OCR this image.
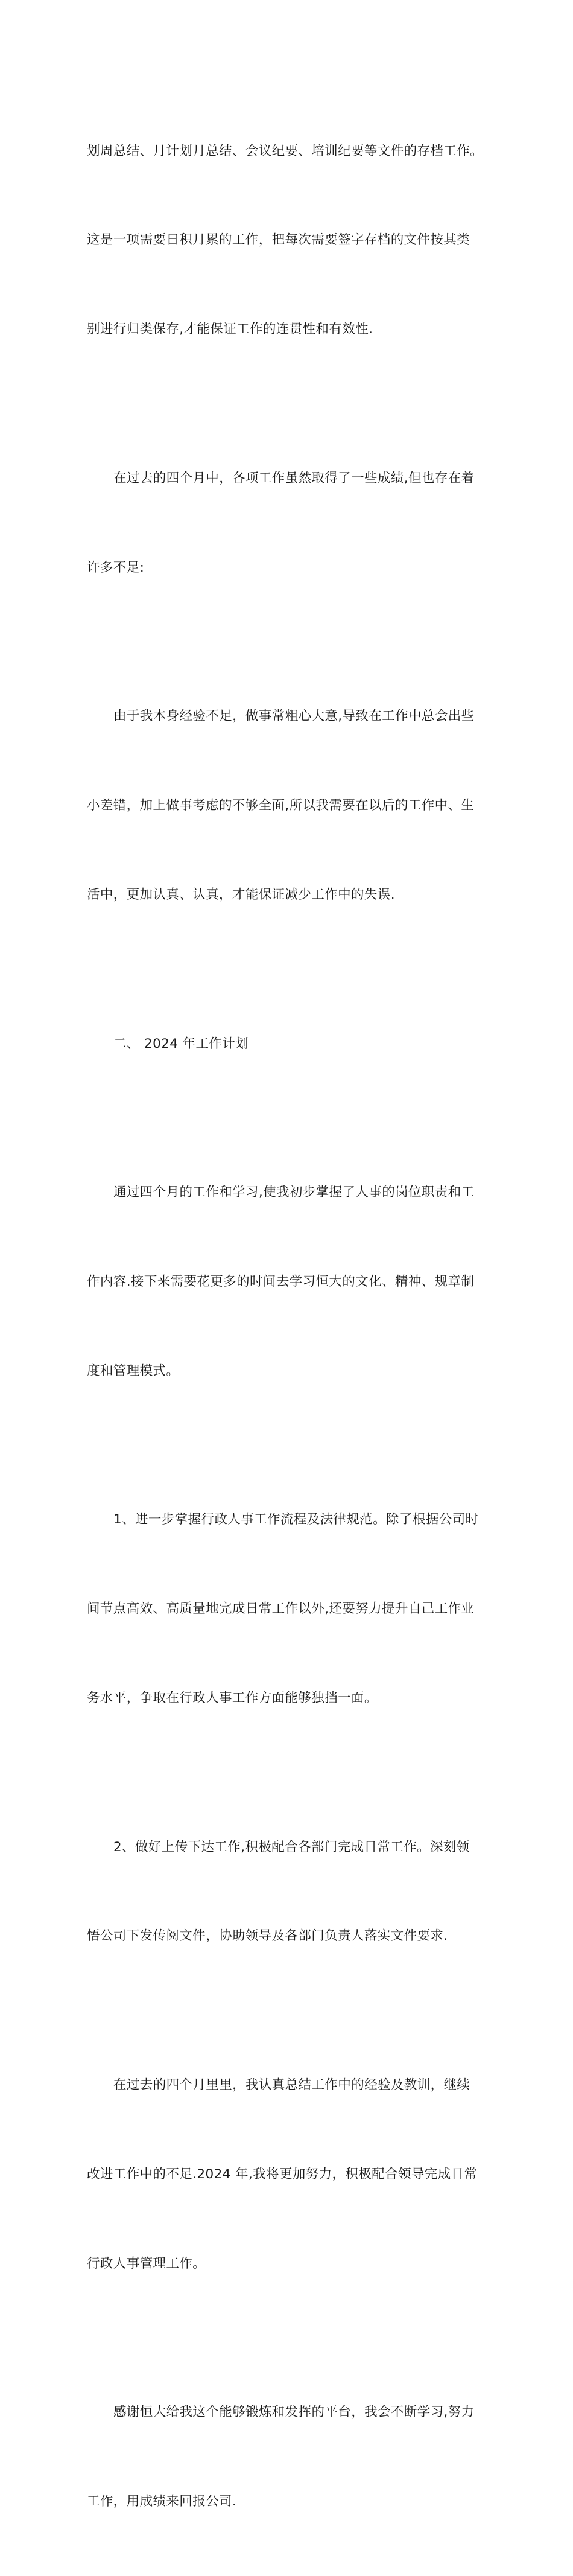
划周总结、月计划月总结、会议纪要、培训纪要等文件的存档工作。

这是一项需要日积月累的工作，把每次需要签字存档的文件按其类

别进行归类保存,才能保证工作的连贯性和有效性.

在过去的四个月中，各项工作虽然取得了一些成绩,但也存在着

许多不足:

由于我本身经验不足，做事常粗心大意,导致在工作中总会出些

小差错，加上做事考虑的不够全面,所以我需要在以后的工作中、生

活中，更加认真、认真，才能保证减少工作中的失误.

二、 2024 年工作计划

通过四个月的工作和学习,使我初步掌握了人事的岗位职责和工

作内容.接下来需要花更多的时间去学习恒大的文化、精神、规章制

度和管理模式。

1、进一步掌握行政人事工作流程及法律规范。除了根据公司时

间节点高效、高质量地完成日常工作以外,还要努力提升自己工作业

务水平，争取在行政人事工作方面能够独挡一面。

2、做好上传下达工作,积极配合各部门完成日常工作。深刻领

悟公司下发传阅文件，协助领导及各部门负责人落实文件要求.

在过去的四个月里里，我认真总结工作中的经验及教训，继续

改进工作中的不足.2024 年,我将更加努力，积极配合领导完成日常

行政人事管理工作。

感谢恒大给我这个能够锻炼和发挥的平台，我会不断学习,努力

工作，用成绩来回报公司.
